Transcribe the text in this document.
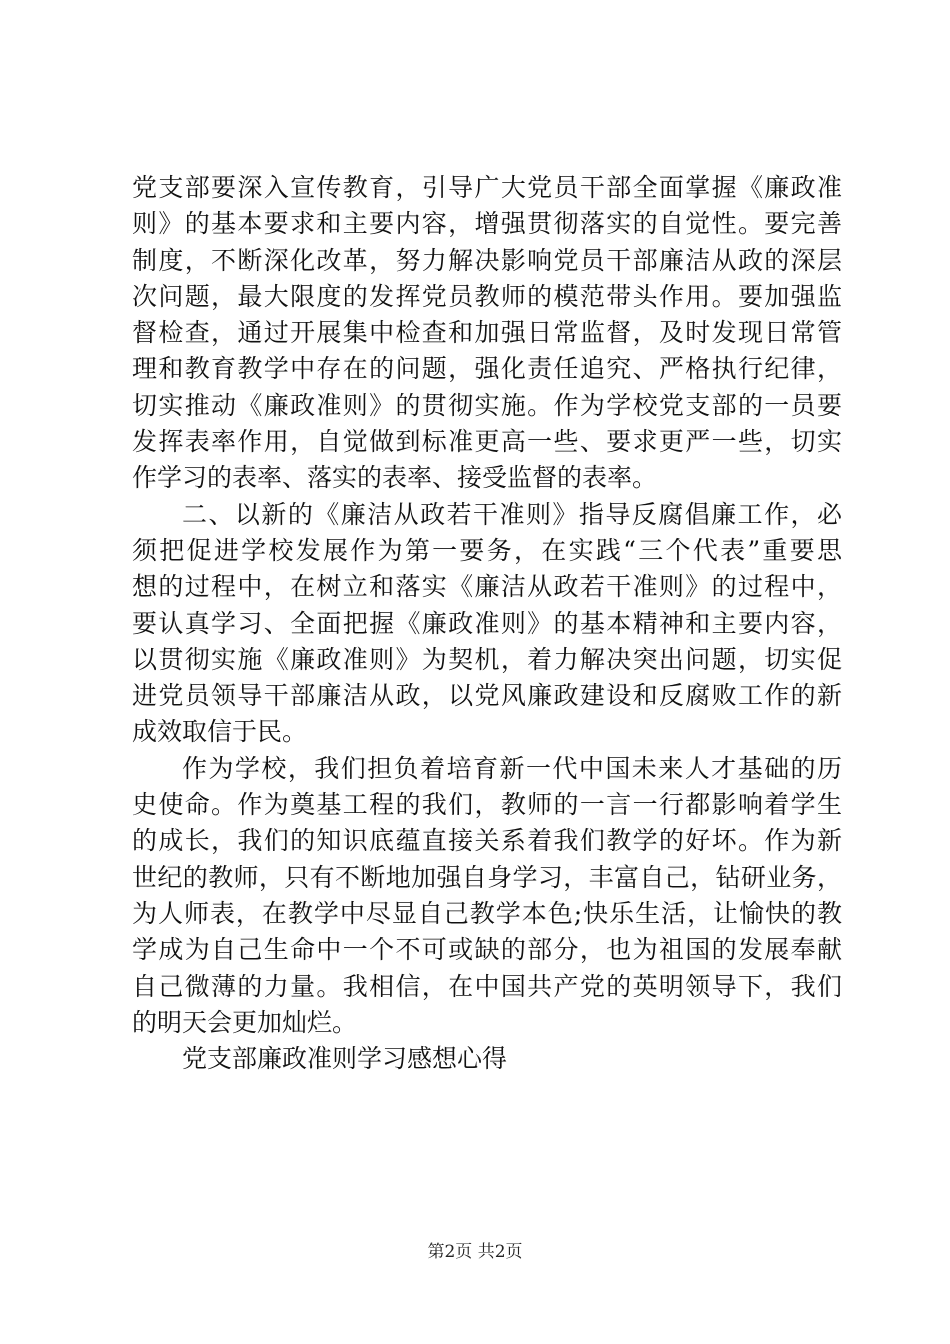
党支部要深入宣传教育，引导广大党员干部全面掌握《廉政准
则》的基本要求和主要内容，增强贯彻落实的自觉性。要完善
制度，不断深化改革，努力解决影响党员干部廉洁从政的深层
次问题，最大限度的发挥党员教师的模范带头作用。要加强监
督检查，通过开展集中检查和加强日常监督，及时发现日常管
理和教育教学中存在的问题，强化责任追究、严格执行纪律，
切实推动《廉政准则》的贯彻实施。作为学校党支部的一员要
发挥表率作用，自觉做到标准更高一些、要求更严一些，切实
作学习的表率、落实的表率、接受监督的表率。
二、以新的《廉洁从政若干准则》指导反腐倡廉工作，必
须把促进学校发展作为第一要务，在实践“三个代表”重要思
想的过程中，在树立和落实《廉洁从政若干准则》的过程中，
要认真学习、全面把握《廉政准则》的基本精神和主要内容，
以贯彻实施《廉政准则》为契机，着力解决突出问题，切实促
进党员领导干部廉洁从政，以党风廉政建设和反腐败工作的新
成效取信于民。
作为学校，我们担负着培育新一代中国未来人才基础的历
史使命。作为奠基工程的我们，教师的一言一行都影响着学生
的成长，我们的知识底蕴直接关系着我们教学的好坏。作为新
世纪的教师，只有不断地加强自身学习，丰富自己，钻研业务，
为人师表，在教学中尽显自己教学本色;快乐生活，让愉快的教
学成为自己生命中一个不可或缺的部分，也为祖国的发展奉献
自己微薄的力量。我相信，在中国共产党的英明领导下，我们
的明天会更加灿烂。
党支部廉政准则学习感想心得
第2页 共2页
